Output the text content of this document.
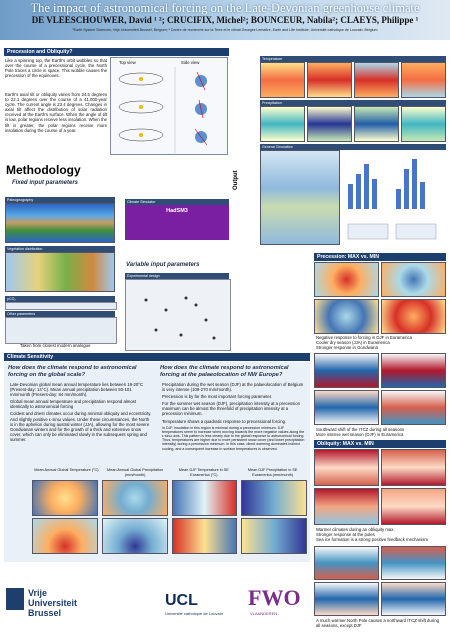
The impact of astronomical forcing on the Late-Devonian greenhouse climate
DE VLEESCHOUWER, David ¹ ²; CRUCIFIX, Michel²; BOUNCEUR, Nabila²; CLAEYS, Philippe ¹
¹Earth System Sciences, Vrije Universiteit Brussel, Belgium; ² Centre de recherche sur la Terre et le climat Georges Lemaître, Earth and Life Institute, Université catholique de Louvain, Belgium
Precession and Obliquity?
Like a spinning top, the Earth's orbit wobbles so that over the course of a precessional cycle, the North Pole traces a circle in space. This wobble causes the precession of the equinoxes.
Earth's axial tilt or obliquity varies from 24.5 degrees to 22.1 degrees over the course of a 41,000-year cycle. The current angle is 23.4 degrees. Changes in axial tilt affect the distribution of solar radiation received at the Earth's surface. When the angle of tilt is low, polar regions receive less insolation. When the tilt is greater, the polar regions receive more insolation during the course of a year.
Top view	Side view
Methodology
Fixed input parameters
Paleogeography
Vegetation distribution
pCO₂
Other parameters
Taken from closest modern analogue
Climate Simulator
HadSM3
Variable input parameters
Experimental design
Output
Temperature
Precipitation
General Circulation
Precession: MAX vs. MIN
Negative response to forcing in DJF in Euramerica
Cooler dry season (JJA) in Euramerica
Stronger response in Gondwana
Southward shift of the ITCZ during all seasons
More intense wet season (DJF) in Euramerica
Obliquity: MAX vs. MIN
Warmer climates during an obliquity max.
Stronger response at the poles
Sea ice formation is a strong positive feedback mechanism
A much warmer North Pole causes a northward ITCZ shift during all seasons, except DJF
Climate Sensitivity
How does the climate respond to astronomical forcing on the global scale?
Late-Devonian global mean annual temperature lies between 19-20°C (Present-day: 14°C). Mean annual precipitation between 93-101 mm/month (Present-day: 84 mm/month).
Global mean annual temperature and precipitation respond almost identically to astronomical forcing
Coldest and driest climates occur during minimal obliquity and eccentricity. And slightly positive ε·sinω values. Under these circumstances, the North is in the aphelion during austral winter (JJA), allowing for the most severe Gondwanan winters and for the growth of a thick and extensive snow cover, which can only be eliminated slowly in the subsequent spring and summer.
How does the climate respond to astronomical forcing at the palaeolocation of NW Europe?
Precipitation during the wet season (DJF) at the palaeolocation of Belgium is very intense (109-270 mm/month).
Precession is by far the most important forcing parameter.
For the summer wet season (DJF), precipitation intensity at a precession maximum can be almost the threefold of precipitation intensity at a precession minimum.
Temperature shows a quadratic response to precessional forcing.
In DJF, insolation in this region is minimal during a precession minimum. DJF temperatures seem to increase when moving towards the more negative values along the ε·sinω axis. This pattern is less clearly due to the global response to astronomical forcing. Thus, temperatures are higher due to more persistent snow cover (and lower precipitation intensity) during a precession minimum. In this case, direct warming dominates indirect cooling, and a consequent increase in surface temperatures is observed.
Mean Annual Global Temperature (°C)	Mean Annual Global Precipitation (mm/month)
Mean DJF Temperature in SE Euramerica (°C)
Mean DJF Precipitation in SE Euramerica (mm/month)
Vrije
Universiteit
Brussel
UCL
Université catholique de Louvain
FWO
VLAANDEREN
